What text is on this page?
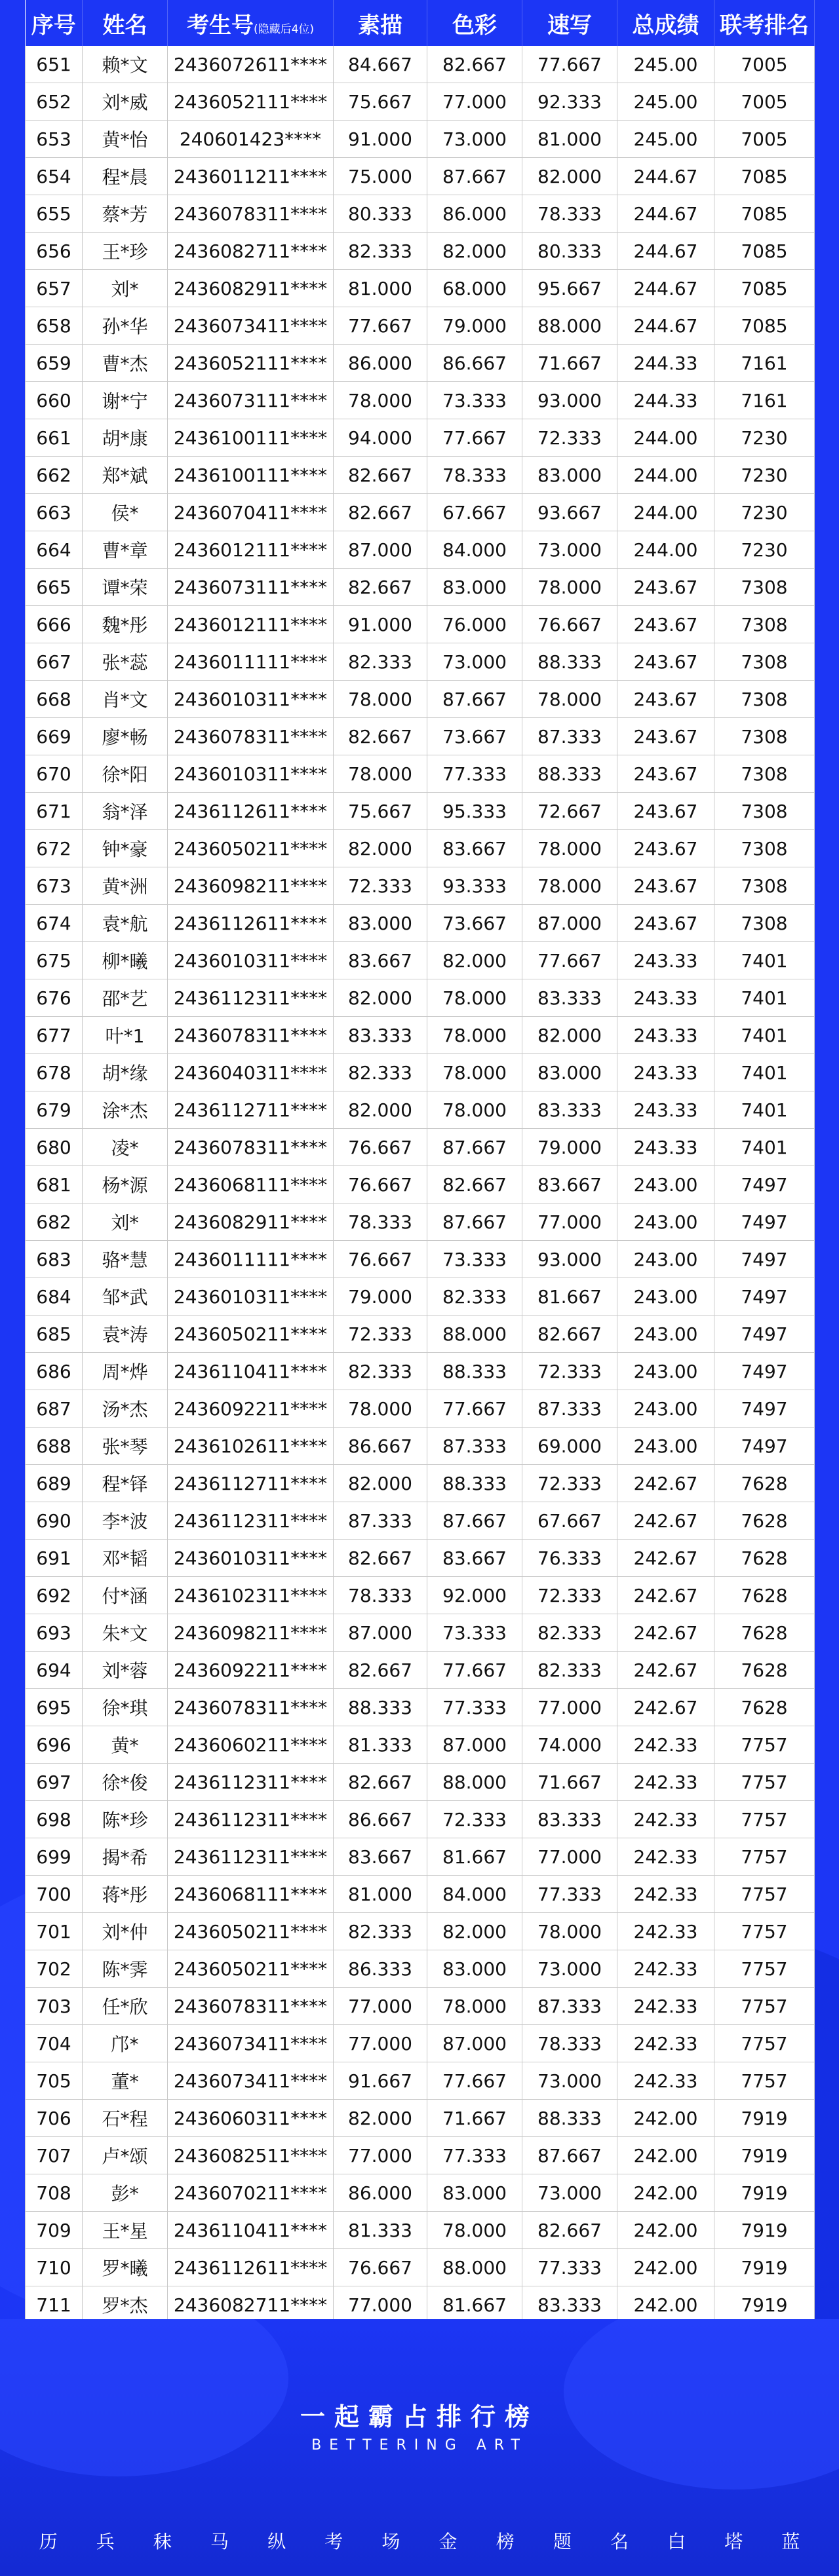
序号	姓名	考生号(隐藏后4位)	素描	色彩	速写	总成绩	联考排名
651	赖*文	2436072611****	84.667	82.667	77.667	245.00	7005
652	刘*威	2436052111****	75.667	77.000	92.333	245.00	7005
653	黄*怡	240601423****	91.000	73.000	81.000	245.00	7005
654	程*晨	2436011211****	75.000	87.667	82.000	244.67	7085
655	蔡*芳	2436078311****	80.333	86.000	78.333	244.67	7085
656	王*珍	2436082711****	82.333	82.000	80.333	244.67	7085
657	刘*	2436082911****	81.000	68.000	95.667	244.67	7085
658	孙*华	2436073411****	77.667	79.000	88.000	244.67	7085
659	曹*杰	2436052111****	86.000	86.667	71.667	244.33	7161
660	谢*宁	2436073111****	78.000	73.333	93.000	244.33	7161
661	胡*康	2436100111****	94.000	77.667	72.333	244.00	7230
662	郑*斌	2436100111****	82.667	78.333	83.000	244.00	7230
663	侯*	2436070411****	82.667	67.667	93.667	244.00	7230
664	曹*章	2436012111****	87.000	84.000	73.000	244.00	7230
665	谭*荣	2436073111****	82.667	83.000	78.000	243.67	7308
666	魏*彤	2436012111****	91.000	76.000	76.667	243.67	7308
667	张*蕊	2436011111****	82.333	73.000	88.333	243.67	7308
668	肖*文	2436010311****	78.000	87.667	78.000	243.67	7308
669	廖*畅	2436078311****	82.667	73.667	87.333	243.67	7308
670	徐*阳	2436010311****	78.000	77.333	88.333	243.67	7308
671	翁*泽	2436112611****	75.667	95.333	72.667	243.67	7308
672	钟*豪	2436050211****	82.000	83.667	78.000	243.67	7308
673	黄*洲	2436098211****	72.333	93.333	78.000	243.67	7308
674	袁*航	2436112611****	83.000	73.667	87.000	243.67	7308
675	柳*曦	2436010311****	83.667	82.000	77.667	243.33	7401
676	邵*艺	2436112311****	82.000	78.000	83.333	243.33	7401
677	叶*1	2436078311****	83.333	78.000	82.000	243.33	7401
678	胡*缘	2436040311****	82.333	78.000	83.000	243.33	7401
679	涂*杰	2436112711****	82.000	78.000	83.333	243.33	7401
680	凌*	2436078311****	76.667	87.667	79.000	243.33	7401
681	杨*源	2436068111****	76.667	82.667	83.667	243.00	7497
682	刘*	2436082911****	78.333	87.667	77.000	243.00	7497
683	骆*慧	2436011111****	76.667	73.333	93.000	243.00	7497
684	邹*武	2436010311****	79.000	82.333	81.667	243.00	7497
685	袁*涛	2436050211****	72.333	88.000	82.667	243.00	7497
686	周*烨	2436110411****	82.333	88.333	72.333	243.00	7497
687	汤*杰	2436092211****	78.000	77.667	87.333	243.00	7497
688	张*琴	2436102611****	86.667	87.333	69.000	243.00	7497
689	程*铎	2436112711****	82.000	88.333	72.333	242.67	7628
690	李*波	2436112311****	87.333	87.667	67.667	242.67	7628
691	邓*韬	2436010311****	82.667	83.667	76.333	242.67	7628
692	付*涵	2436102311****	78.333	92.000	72.333	242.67	7628
693	朱*文	2436098211****	87.000	73.333	82.333	242.67	7628
694	刘*蓉	2436092211****	82.667	77.667	82.333	242.67	7628
695	徐*琪	2436078311****	88.333	77.333	77.000	242.67	7628
696	黄*	2436060211****	81.333	87.000	74.000	242.33	7757
697	徐*俊	2436112311****	82.667	88.000	71.667	242.33	7757
698	陈*珍	2436112311****	86.667	72.333	83.333	242.33	7757
699	揭*希	2436112311****	83.667	81.667	77.000	242.33	7757
700	蒋*彤	2436068111****	81.000	84.000	77.333	242.33	7757
701	刘*仲	2436050211****	82.333	82.000	78.000	242.33	7757
702	陈*霁	2436050211****	86.333	83.000	73.000	242.33	7757
703	任*欣	2436078311****	77.000	78.000	87.333	242.33	7757
704	邝*	2436073411****	77.000	87.000	78.333	242.33	7757
705	董*	2436073411****	91.667	77.667	73.000	242.33	7757
706	石*程	2436060311****	82.000	71.667	88.333	242.00	7919
707	卢*颂	2436082511****	77.000	77.333	87.667	242.00	7919
708	彭*	2436070211****	86.000	83.000	73.000	242.00	7919
709	王*星	2436110411****	81.333	78.000	82.667	242.00	7919
710	罗*曦	2436112611****	76.667	88.000	77.333	242.00	7919
711	罗*杰	2436082711****	77.000	81.667	83.333	242.00	7919
一起霸占排行榜
BETTERING ART
历 兵 秣 马 纵 考 场 金 榜 题 名 白 塔 蓝
